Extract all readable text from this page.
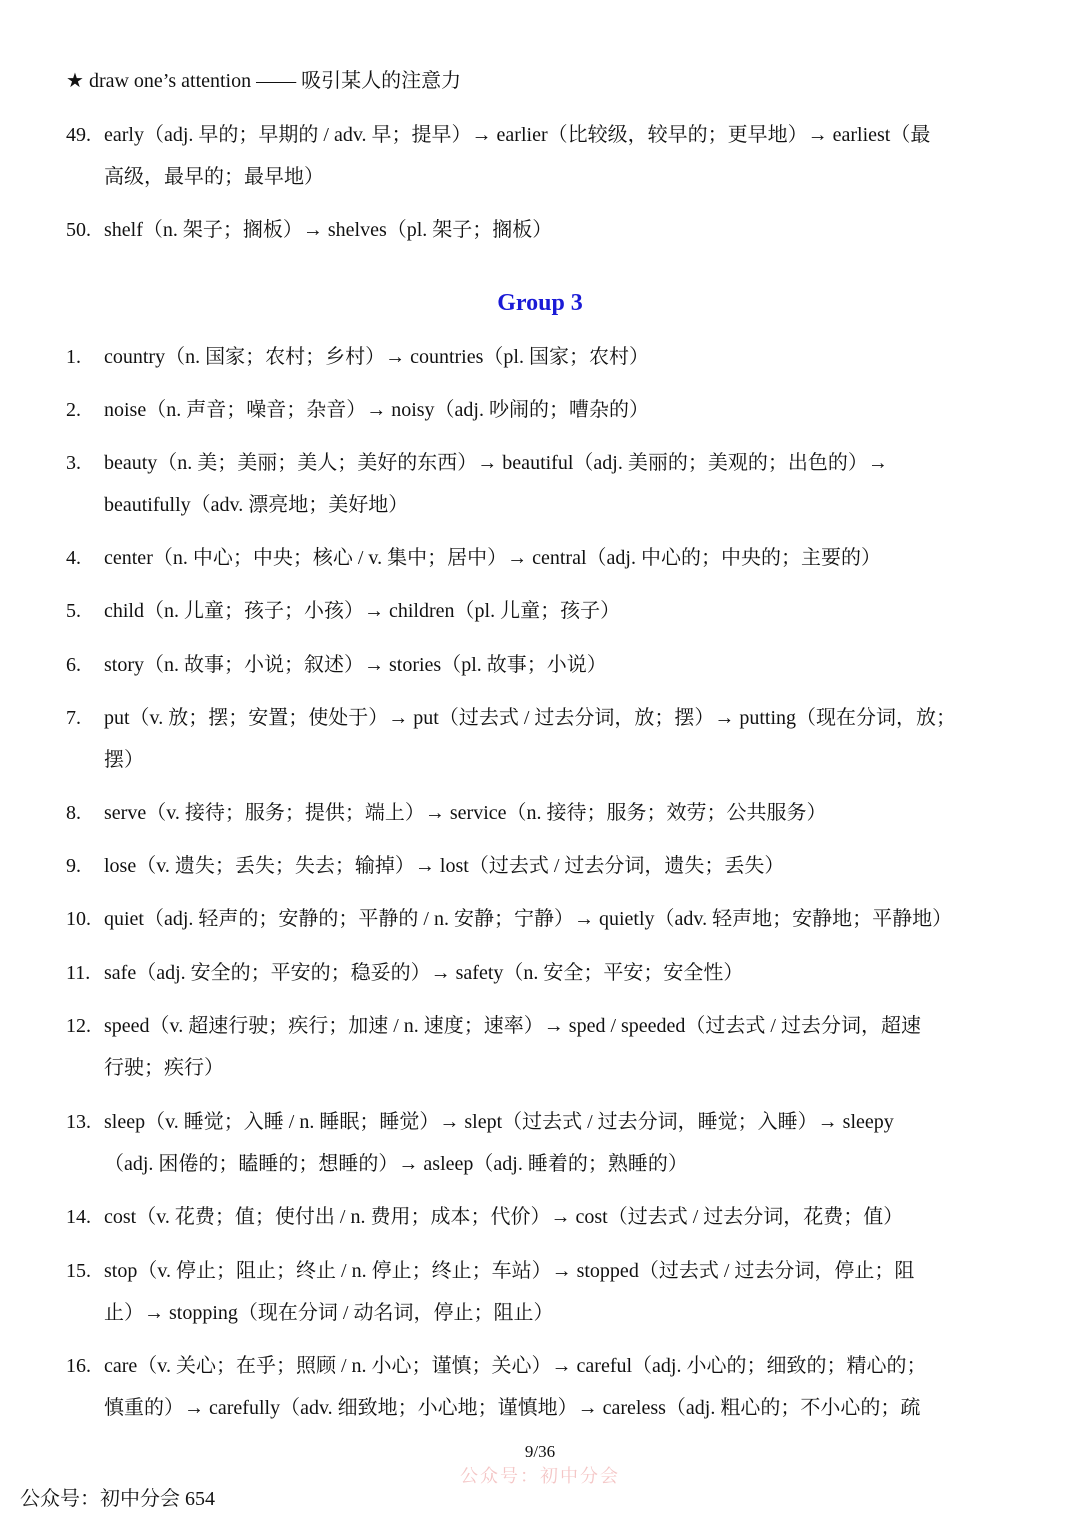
★ draw one’s attention —— 吸引某人的注意力
49. early（adj. 早的；早期的 / adv. 早；提早）→ earlier（比较级，较早的；更早地）→ earliest（最
高级，最早的；最早地）
50. shelf（n. 架子；搁板）→ shelves（pl. 架子；搁板）
Group 3
1. country（n. 国家；农村；乡村）→ countries（pl. 国家；农村）
2. noise（n. 声音；噪音；杂音）→ noisy（adj. 吵闹的；嘈杂的）
3. beauty（n. 美；美丽；美人；美好的东西）→ beautiful（adj. 美丽的；美观的；出色的）→
beautifully（adv. 漂亮地；美好地）
4. center（n. 中心；中央；核心 / v. 集中；居中）→ central（adj. 中心的；中央的；主要的）
5. child（n. 儿童；孩子；小孩）→ children（pl. 儿童；孩子）
6. story（n. 故事；小说；叙述）→ stories（pl. 故事；小说）
7. put（v. 放；摆；安置；使处于）→ put（过去式 / 过去分词，放；摆）→ putting（现在分词，放；
摆）
8. serve（v. 接待；服务；提供；端上）→ service（n. 接待；服务；效劳；公共服务）
9. lose（v. 遗失；丢失；失去；输掉）→ lost（过去式 / 过去分词，遗失；丢失）
10. quiet（adj. 轻声的；安静的；平静的 / n. 安静；宁静）→ quietly（adv. 轻声地；安静地；平静地）
11. safe（adj. 安全的；平安的；稳妥的）→ safety（n. 安全；平安；安全性）
12. speed（v. 超速行驶；疾行；加速 / n. 速度；速率）→ sped / speeded（过去式 / 过去分词，超速
行驶；疾行）
13. sleep（v. 睡觉；入睡 / n. 睡眠；睡觉）→ slept（过去式 / 过去分词，睡觉；入睡）→ sleepy
（adj. 困倦的；瞌睡的；想睡的）→ asleep（adj. 睡着的；熟睡的）
14. cost（v. 花费；值；使付出 / n. 费用；成本；代价）→ cost（过去式 / 过去分词，花费；值）
15. stop（v. 停止；阻止；终止 / n. 停止；终止；车站）→ stopped（过去式 / 过去分词，停止；阻
止）→ stopping（现在分词 / 动名词，停止；阻止）
16. care（v. 关心；在乎；照顾 / n. 小心；谨慎；关心）→ careful（adj. 小心的；细致的；精心的；
慎重的）→ carefully（adv. 细致地；小心地；谨慎地）→ careless（adj. 粗心的；不小心的；疏
9/36
公众号：初中分会
公众号：初中分会 654
